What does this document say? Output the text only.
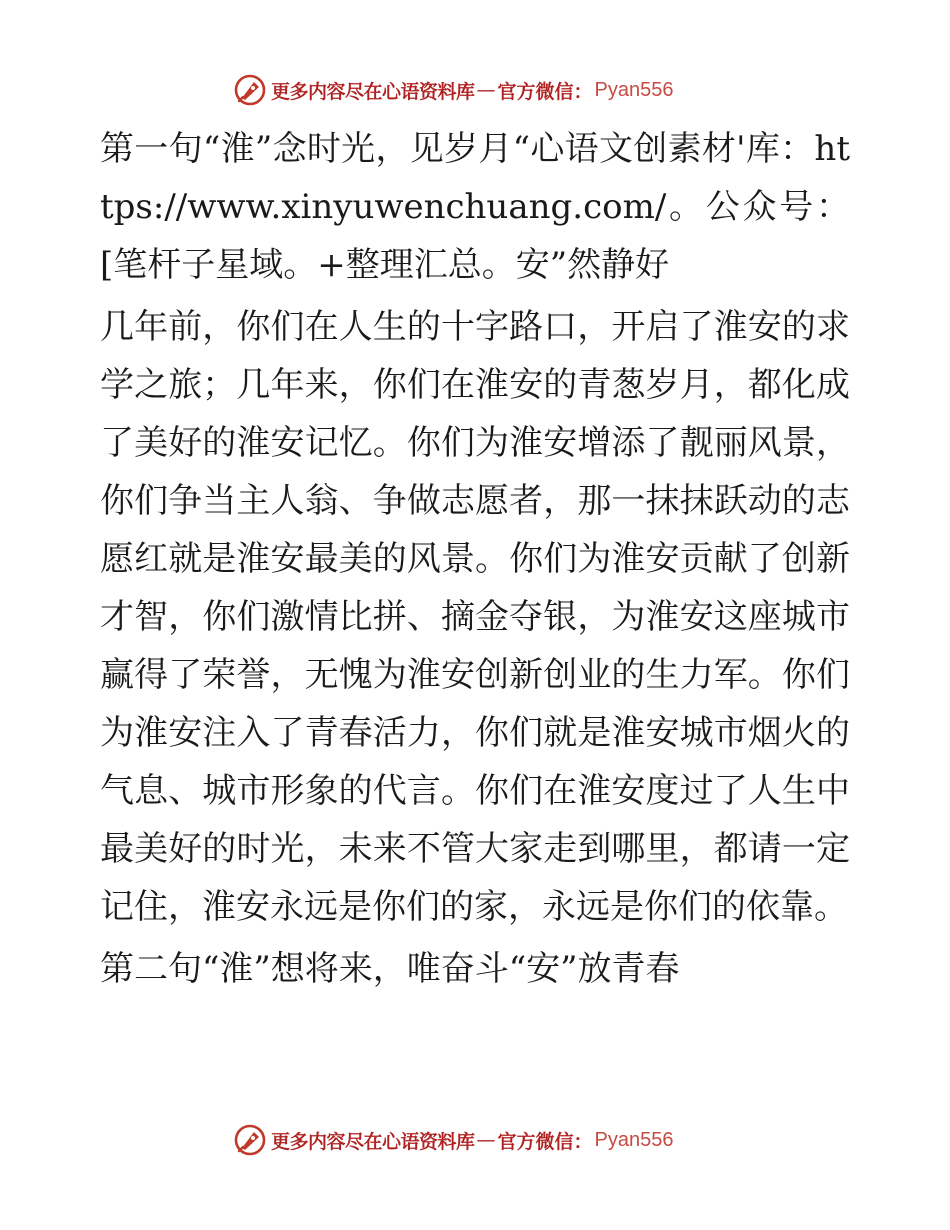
更多内容尽在心语资料库 — 官方微信： Pyan556

第一句“淮”念时光，见岁月“心语文创素材'库：https://www.xinyuwenchuang.com/。公众号：[笔杆子星域。+整理汇总。安”然静好

几年前，你们在人生的十字路口，开启了淮安的求学之旅；几年来，你们在淮安的青葱岁月，都化成了美好的淮安记忆。你们为淮安增添了靓丽风景，你们争当主人翁、争做志愿者，那一抹抹跃动的志愿红就是淮安最美的风景。你们为淮安贡献了创新才智，你们激情比拼、摘金夺银，为淮安这座城市赢得了荣誉，无愧为淮安创新创业的生力军。你们为淮安注入了青春活力，你们就是淮安城市烟火的气息、城市形象的代言。你们在淮安度过了人生中最美好的时光，未来不管大家走到哪里，都请一定记住，淮安永远是你们的家，永远是你们的依靠。

第二句“淮”想将来，唯奋斗“安”放青春

更多内容尽在心语资料库 — 官方微信： Pyan556
